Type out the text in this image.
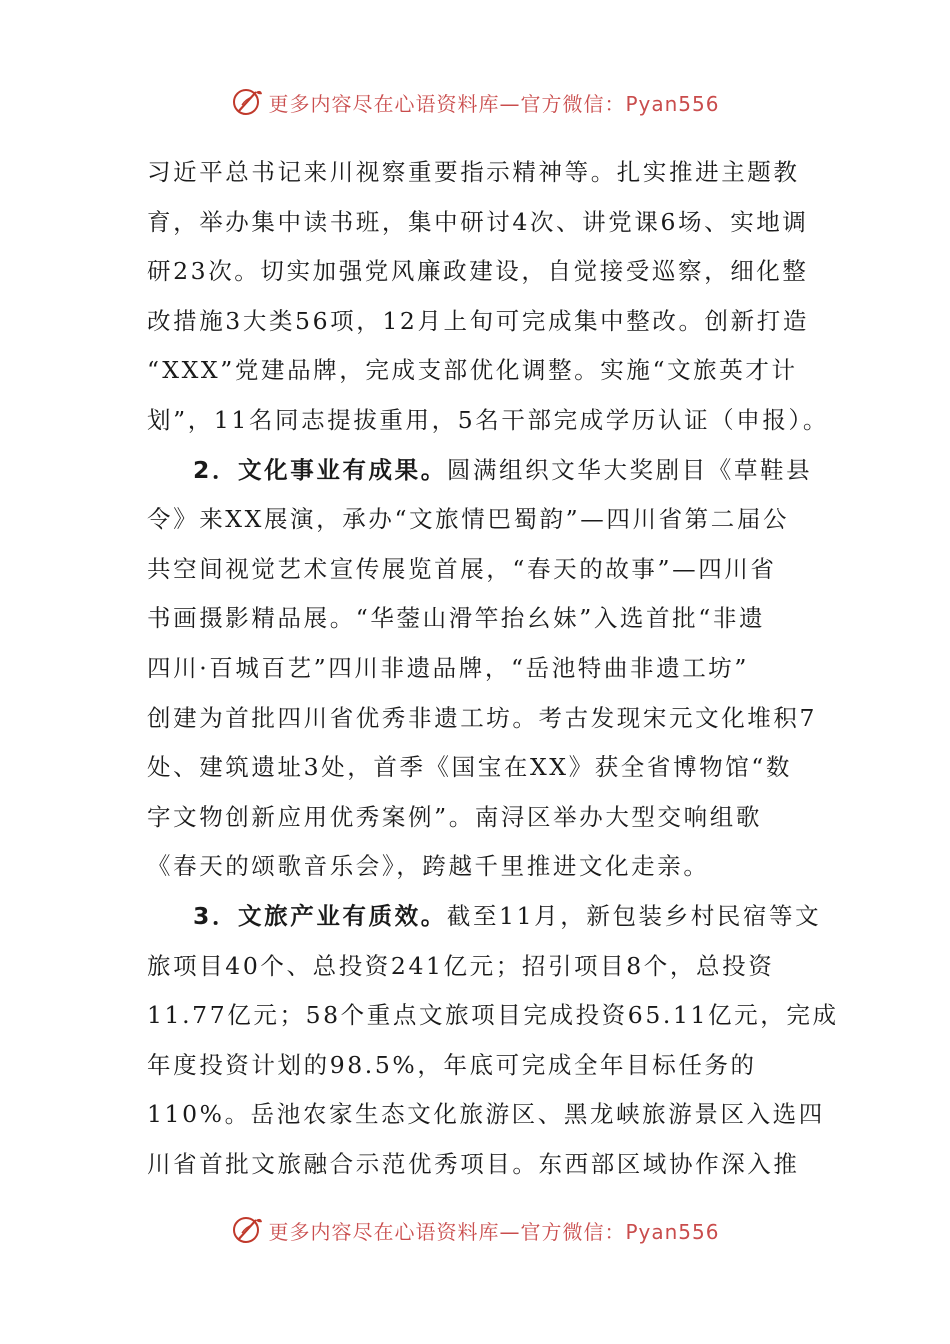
更多内容尽在心语资料库—官方微信：Pyan556
习近平总书记来川视察重要指示精神等。扎实推进主题教
育，举办集中读书班，集中研讨4次、讲党课6场、实地调
研23次。切实加强党风廉政建设，自觉接受巡察，细化整
改措施3大类56项，12月上旬可完成集中整改。创新打造
“XXX”党建品牌，完成支部优化调整。实施“文旅英才计
划”，11名同志提拔重用，5名干部完成学历认证（申报）。
2．文化事业有成果。圆满组织文华大奖剧目《草鞋县
令》来XX展演，承办“文旅情巴蜀韵”—四川省第二届公
共空间视觉艺术宣传展览首展，“春天的故事”—四川省
书画摄影精品展。“华蓥山滑竿抬幺妹”入选首批“非遗
四川·百城百艺”四川非遗品牌，“岳池特曲非遗工坊”
创建为首批四川省优秀非遗工坊。考古发现宋元文化堆积7
处、建筑遗址3处，首季《国宝在XX》获全省博物馆“数
字文物创新应用优秀案例”。南浔区举办大型交响组歌
《春天的颂歌音乐会》，跨越千里推进文化走亲。
3．文旅产业有质效。截至11月，新包装乡村民宿等文
旅项目40个、总投资241亿元；招引项目8个，总投资
11.77亿元；58个重点文旅项目完成投资65.11亿元，完成
年度投资计划的98.5%，年底可完成全年目标任务的
110%。岳池农家生态文化旅游区、黑龙峡旅游景区入选四
川省首批文旅融合示范优秀项目。东西部区域协作深入推
更多内容尽在心语资料库—官方微信：Pyan556
